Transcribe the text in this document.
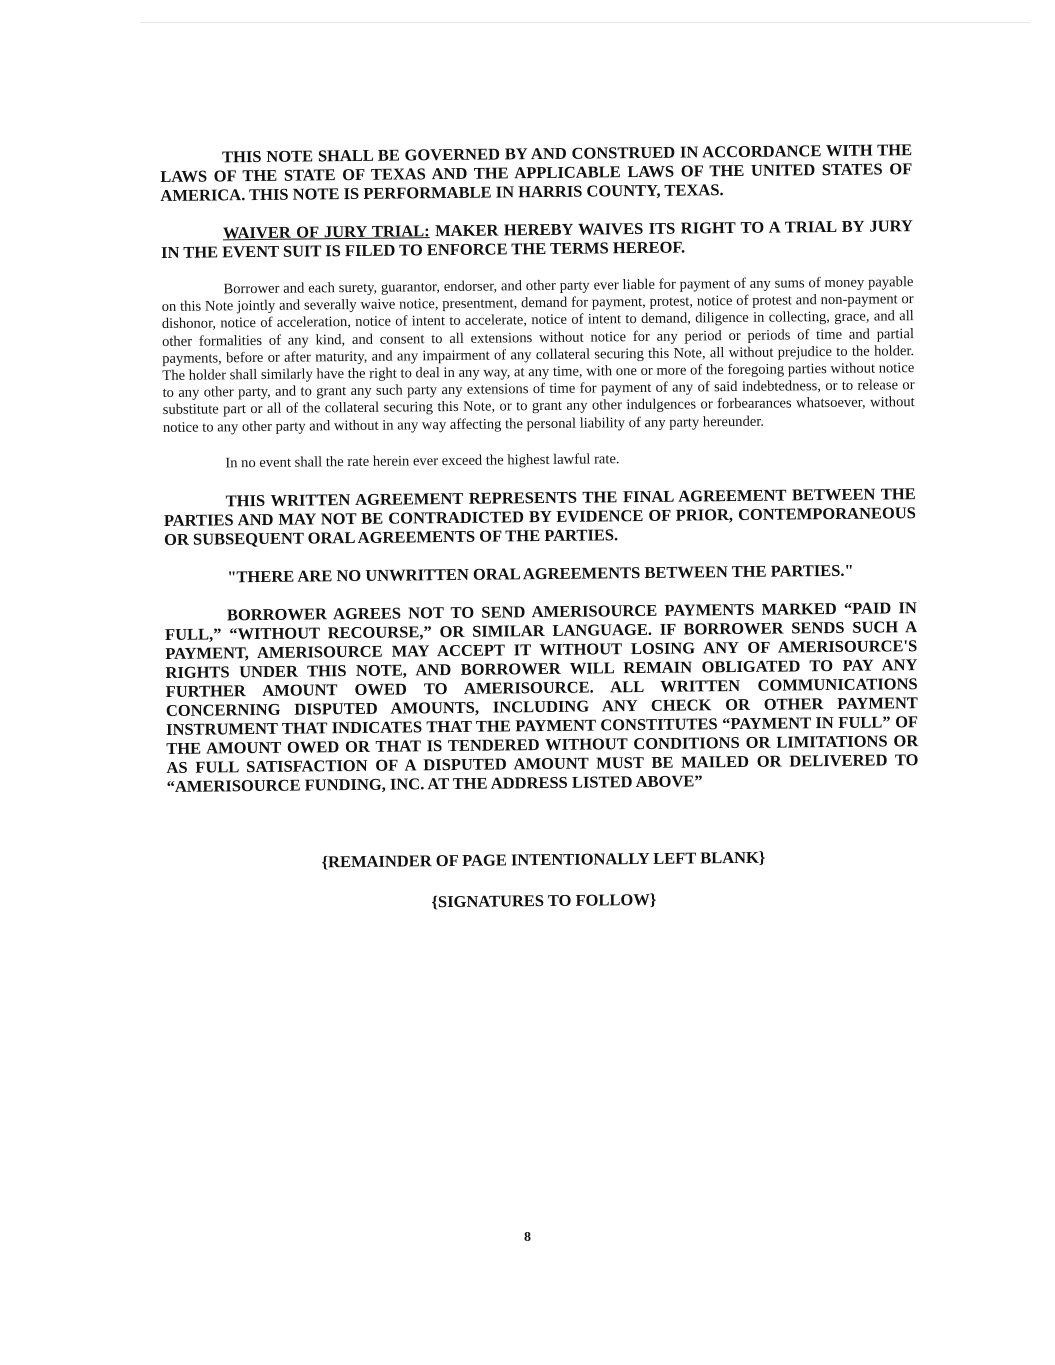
THIS NOTE SHALL BE GOVERNED BY AND CONSTRUED IN ACCORDANCE WITH THE LAWS OF THE STATE OF TEXAS AND THE APPLICABLE LAWS OF THE UNITED STATES OF AMERICA. THIS NOTE IS PERFORMABLE IN HARRIS COUNTY, TEXAS.

WAIVER OF JURY TRIAL: MAKER HEREBY WAIVES ITS RIGHT TO A TRIAL BY JURY IN THE EVENT SUIT IS FILED TO ENFORCE THE TERMS HEREOF.

Borrower and each surety, guarantor, endorser, and other party ever liable for payment of any sums of money payable on this Note jointly and severally waive notice, presentment, demand for payment, protest, notice of protest and non-payment or dishonor, notice of acceleration, notice of intent to accelerate, notice of intent to demand, diligence in collecting, grace, and all other formalities of any kind, and consent to all extensions without notice for any period or periods of time and partial payments, before or after maturity, and any impairment of any collateral securing this Note, all without prejudice to the holder. The holder shall similarly have the right to deal in any way, at any time, with one or more of the foregoing parties without notice to any other party, and to grant any such party any extensions of time for payment of any of said indebtedness, or to release or substitute part or all of the collateral securing this Note, or to grant any other indulgences or forbearances whatsoever, without notice to any other party and without in any way affecting the personal liability of any party hereunder.

In no event shall the rate herein ever exceed the highest lawful rate.

THIS WRITTEN AGREEMENT REPRESENTS THE FINAL AGREEMENT BETWEEN THE PARTIES AND MAY NOT BE CONTRADICTED BY EVIDENCE OF PRIOR, CONTEMPORANEOUS OR SUBSEQUENT ORAL AGREEMENTS OF THE PARTIES.

"THERE ARE NO UNWRITTEN ORAL AGREEMENTS BETWEEN THE PARTIES."

BORROWER AGREES NOT TO SEND AMERISOURCE PAYMENTS MARKED “PAID IN FULL,” “WITHOUT RECOURSE,” OR SIMILAR LANGUAGE. IF BORROWER SENDS SUCH A PAYMENT, AMERISOURCE MAY ACCEPT IT WITHOUT LOSING ANY OF AMERISOURCE'S RIGHTS UNDER THIS NOTE, AND BORROWER WILL REMAIN OBLIGATED TO PAY ANY FURTHER AMOUNT OWED TO AMERISOURCE. ALL WRITTEN COMMUNICATIONS CONCERNING DISPUTED AMOUNTS, INCLUDING ANY CHECK OR OTHER PAYMENT INSTRUMENT THAT INDICATES THAT THE PAYMENT CONSTITUTES “PAYMENT IN FULL” OF THE AMOUNT OWED OR THAT IS TENDERED WITHOUT CONDITIONS OR LIMITATIONS OR AS FULL SATISFACTION OF A DISPUTED AMOUNT MUST BE MAILED OR DELIVERED TO “AMERISOURCE FUNDING, INC. AT THE ADDRESS LISTED ABOVE”

{REMAINDER OF PAGE INTENTIONALLY LEFT BLANK}

{SIGNATURES TO FOLLOW}

8
